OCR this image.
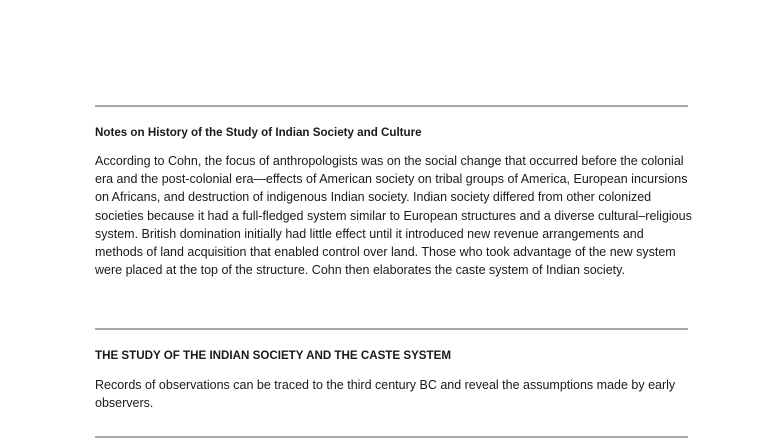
Notes on History of the Study of Indian Society and Culture
According to Cohn, the focus of anthropologists was on the social change that occurred before the colonial era and the post-colonial era—effects of American society on tribal groups of America, European incursions on Africans, and destruction of indigenous Indian society. Indian society differed from other colonized societies because it had a full-fledged system similar to European structures and a diverse cultural–religious system. British domination initially had little effect until it introduced new revenue arrangements and methods of land acquisition that enabled control over land. Those who took advantage of the new system were placed at the top of the structure. Cohn then elaborates the caste system of Indian society.
THE STUDY OF THE INDIAN SOCIETY AND THE CASTE SYSTEM
Records of observations can be traced to the third century BC and reveal the assumptions made by early observers.
